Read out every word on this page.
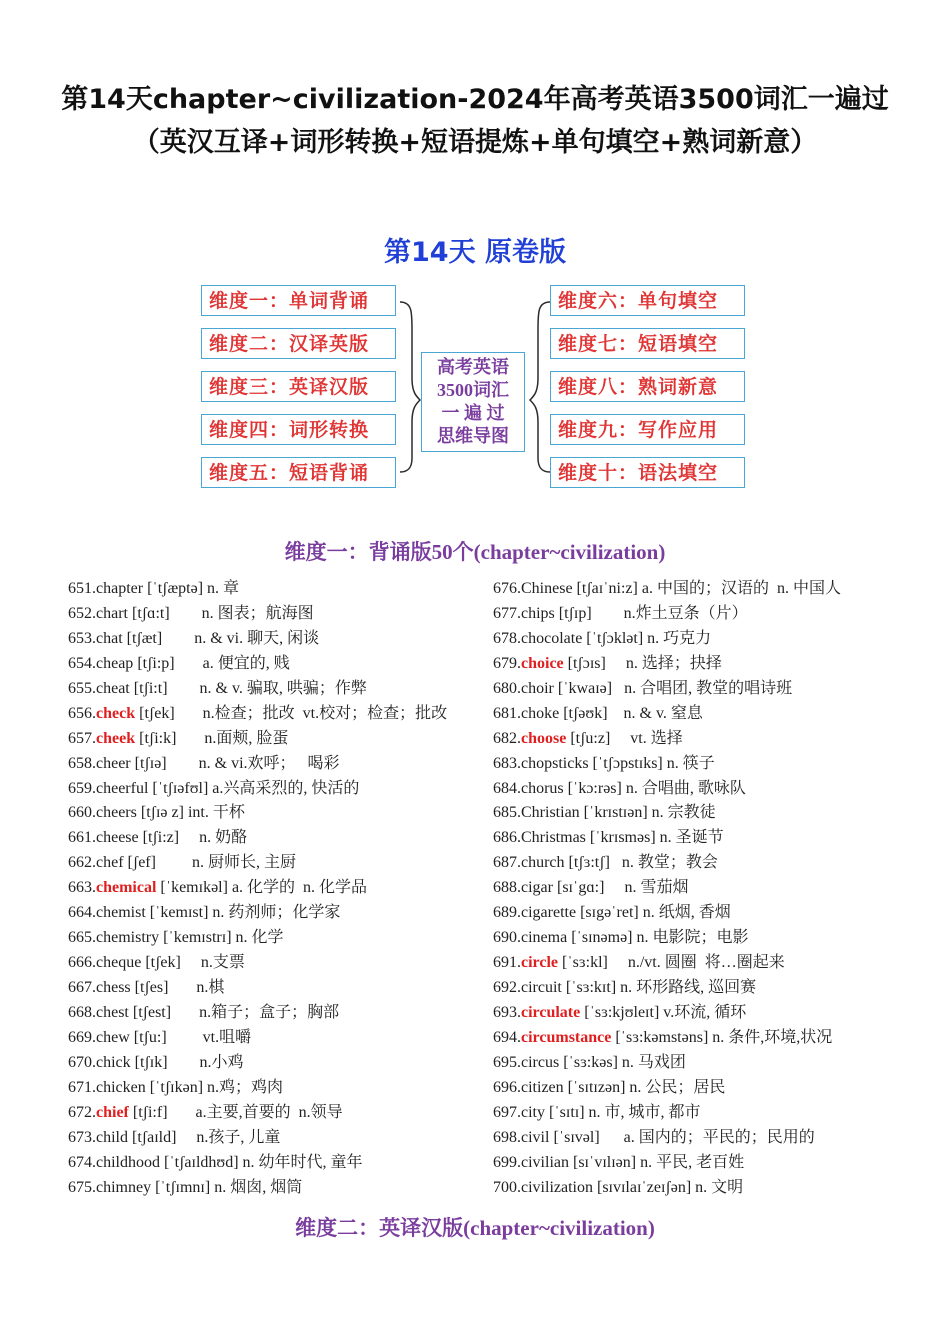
第14天chapter~civilization-2024年高考英语3500词汇一遍过（英汉互译+词形转换+短语提炼+单句填空+熟词新意）
第14天 原卷版
维度一：单词背诵
维度二：汉译英版
维度三：英译汉版
维度四：词形转换
维度五：短语背诵
维度六：单句填空
维度七：短语填空
维度八：熟词新意
维度九：写作应用
维度十：语法填空
高考英语
3500词汇
一 遍 过
思维导图
维度一：背诵版50个(chapter~civilization)
651.chapter [ˈtʃæptə] n. 章
652.chart [tʃɑ:t]        n. 图表；航海图
653.chat [tʃæt]        n. & vi. 聊天, 闲谈
654.cheap [tʃi:p]       a. 便宜的, 贱
655.cheat [tʃi:t]        n. & v. 骗取, 哄骗；作弊
656.check [tʃek]       n.检查；批改  vt.校对；检查；批改
657.cheek [tʃi:k]       n.面颊, 脸蛋
658.cheer [tʃɪə]        n. & vi.欢呼；   喝彩
659.cheerful [ˈtʃɪəfʊl] a.兴高采烈的, 快活的
660.cheers [tʃɪə z] int. 干杯
661.cheese [tʃi:z]     n. 奶酪
662.chef [ʃef]         n. 厨师长, 主厨
663.chemical [ˈkemɪkəl] a. 化学的  n. 化学品
664.chemist [ˈkemɪst] n. 药剂师；化学家
665.chemistry [ˈkemɪstrɪ] n. 化学
666.cheque [tʃek]     n.支票
667.chess [tʃes]       n.棋
668.chest [tʃest]       n.箱子；盒子；胸部
669.chew [tʃu:]         vt.咀嚼
670.chick [tʃɪk]        n.小鸡
671.chicken [ˈtʃɪkən] n.鸡；鸡肉
672.chief [tʃi:f]       a.主要,首要的  n.领导
673.child [tʃaɪld]     n.孩子, 儿童
674.childhood [ˈtʃaɪldhʊd] n. 幼年时代, 童年
675.chimney [ˈtʃɪmnɪ] n. 烟囱, 烟筒
676.Chinese [tʃaɪˈni:z] a. 中国的；汉语的  n. 中国人
677.chips [tʃɪp]        n.炸土豆条（片）
678.chocolate [ˈtʃɔklət] n. 巧克力
679.choice [tʃɔɪs]     n. 选择；抉择
680.choir [ˈkwaɪə]   n. 合唱团, 教堂的唱诗班
681.choke [tʃəʊk]    n. & v. 窒息
682.choose [tʃu:z]     vt. 选择
683.chopsticks [ˈtʃɔpstɪks] n. 筷子
684.chorus [ˈkɔ:rəs] n. 合唱曲, 歌咏队
685.Christian [ˈkrɪstɪən] n. 宗教徒
686.Christmas [ˈkrɪsməs] n. 圣诞节
687.church [tʃɜ:tʃ]   n. 教堂；教会
688.cigar [sɪˈgɑ:]     n. 雪茄烟
689.cigarette [sɪgəˈret] n. 纸烟, 香烟
690.cinema [ˈsɪnəmə] n. 电影院；电影
691.circle [ˈsɜ:kl]     n./vt. 圆圈  将…圈起来
692.circuit [ˈsɜ:kɪt] n. 环形路线, 巡回赛
693.circulate [ˈsɜ:kjʊleɪt] v.环流, 循环
694.circumstance [ˈsɜ:kəmstəns] n. 条件,环境,状况
695.circus [ˈsɜ:kəs] n. 马戏团
696.citizen [ˈsɪtɪzən] n. 公民；居民
697.city [ˈsɪtɪ] n. 市, 城市, 都市
698.civil [ˈsɪvəl]      a. 国内的；平民的；民用的
699.civilian [sɪˈvɪlɪən] n. 平民, 老百姓
700.civilization [sɪvɪlaɪˈzeɪʃən] n. 文明
维度二：英译汉版(chapter~civilization)
